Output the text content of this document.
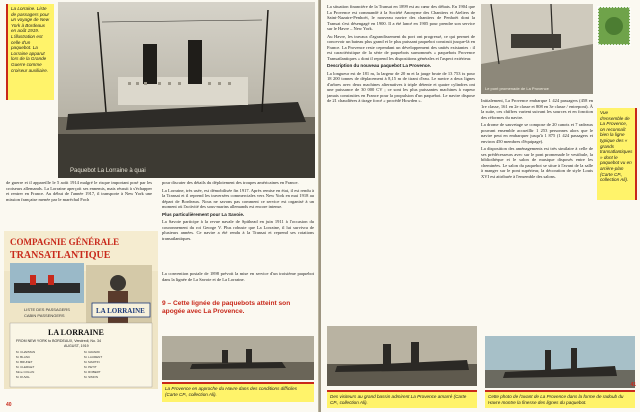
La Lorraine. Liste de passagers pour un voyage de New York à Bordeaux en août 1919. L'illustration est celle d'un paquebot. La Lorraine apparut lors de la Grande Guerre comme croiseur auxiliaire.
Paquebot La Lorraine à quai

de guerre et il appareille le 5 août 1914 malgré le risque important posé par les croiseurs allemands. La Lorraine aperçoit ses ennemis, mais réussit à s'échapper et rentrer en France. Au début de l'année 1917, il transporte à New York une mission française menée par le maréchal Foch

pour discuter des détails du déploiement des troupes américaines en France.

La Lorraine, très usée, est démobilisée fin 1917. Après remise en état, il est rendu à la Transat et il reprend les traversées commerciales vers New York en mai 1918 au départ de Bordeaux. Nous ne savons pas comment ce service est organisé à un moment où l'activité des sous-marins allemands est encore intense.

Plus particulièrement pour La Savoie.

La Savoie participe à la revue navale de Spithead en juin 1911 à l'occasion du couronnement du roi George V. Plus robuste que La Lorraine, il lui survivra de plusieurs années. Ce navire a été rendu à la Transat et reprend ses rotations transatlantiques.

La convention postale de 1898 prévoit la mise en service d'un troisième paquebot dans la lignée de La Savoie et de La Lorraine.

9 – Cette lignée de paquebots atteint son apogée avec La Provence.
COMPAGNIE GÉNÉRALE
TRANSATLANTIQUE
LISTE DES PASSAGERS
CABIN PASSENGERS
LA LORRAINE
LA LORRAINE
FROM NEW YORK to BORDEAUX, Vendredi, No. 34
AUGUST, 1919
M. CHAPMAN
M. BLANC
M. BRUNET
M. CLERGET
Mme COLLIN
M. DUVAL
M. GIRARD
M. LAURENT
M. MARTIN
M. PETIT
M. ROBERT
M. SIMON
La Provence en approche du Havre dans des conditions difficiles (Carte CP., collection Ali).
40

La situation financière de la Transat en 1899 est au cœur des débats. En 1904 que La Provence est commandé à la Société Anonyme des Chantiers et Ateliers de Saint-Nazaire-Penhoët, le nouveau navire des chantiers de Penhoët dont la Transat s'est désengagé en 1900. Il a été lancé en 1905 pour prendre son service sur le Havre – New York.

Au Havre, les travaux d'agrandissement du port ont progressé, ce qui permet de concevoir un bateau plus grand et le plus puissant paquebot construit jusque-là en France. La Provence reste cependant un développement des unités existantes : il est caractéristique de la série de paquebots surnommés « paquebots Provence Transatlantiques » dont il reprend les dispositions générales et l'aspect extérieur.

Description du nouveau paquebot La Provence.

La longueur est de 181 m, la largeur de 20 m et la jauge brute de 13 753 tx pour 18 200 tonnes de déplacement à 8,15 m de tirant d'eau. Le navire a deux lignes d'arbres avec deux machines alternatives à triple détente et quatre cylindres ont une puissance de 30 000 CV ; ce sont les plus puissantes machines à vapeur jamais construites en France pour la propulsion d'un paquebot. Le navire dispose de 21 chaudières à tirage forcé « procédé Howden ».

Le pont promenade de La Provence
Vue d'ensemble de La Provence, on reconnaît bien la ligne typique des « grands transatlantiques » dont le paquebot vu en arrière-plan (Carte CP., collection Ali).

Initialement, La Provence embarque 1 424 passagers (458 en 1re classe, 161 en 2e classe et 808 en 3e classe / entrepont). À la suite, ces chiffres varient suivant les sources et en fonction des réformes du navire.

La drome de sauvetage se compose de 20 canots et 7 radeaux pouvant ensemble accueillir 1 253 personnes alors que le navire peut en embarquer jusqu'à 1 875 (1 424 passagers et environ 450 membres d'équipage).

La disposition des aménagements est très similaire à celle de ses prédécesseurs avec sur le pont promenade le vestibule, la bibliothèque et le salon de musique disposés entre les cheminées. Le salon du paquebot se situe à l'avant de la salle à manger sur le pont supérieur, la décoration de style Louis XVI est attribuée à l'ensemble des salons.

Des visiteurs au grand bassin admirent La Provence amarré (Carte CP., collection Ali).
Cette photo de l'avant de La Provence dans la forme de radoub du Havre montre la finesse des lignes du paquebot.
41
